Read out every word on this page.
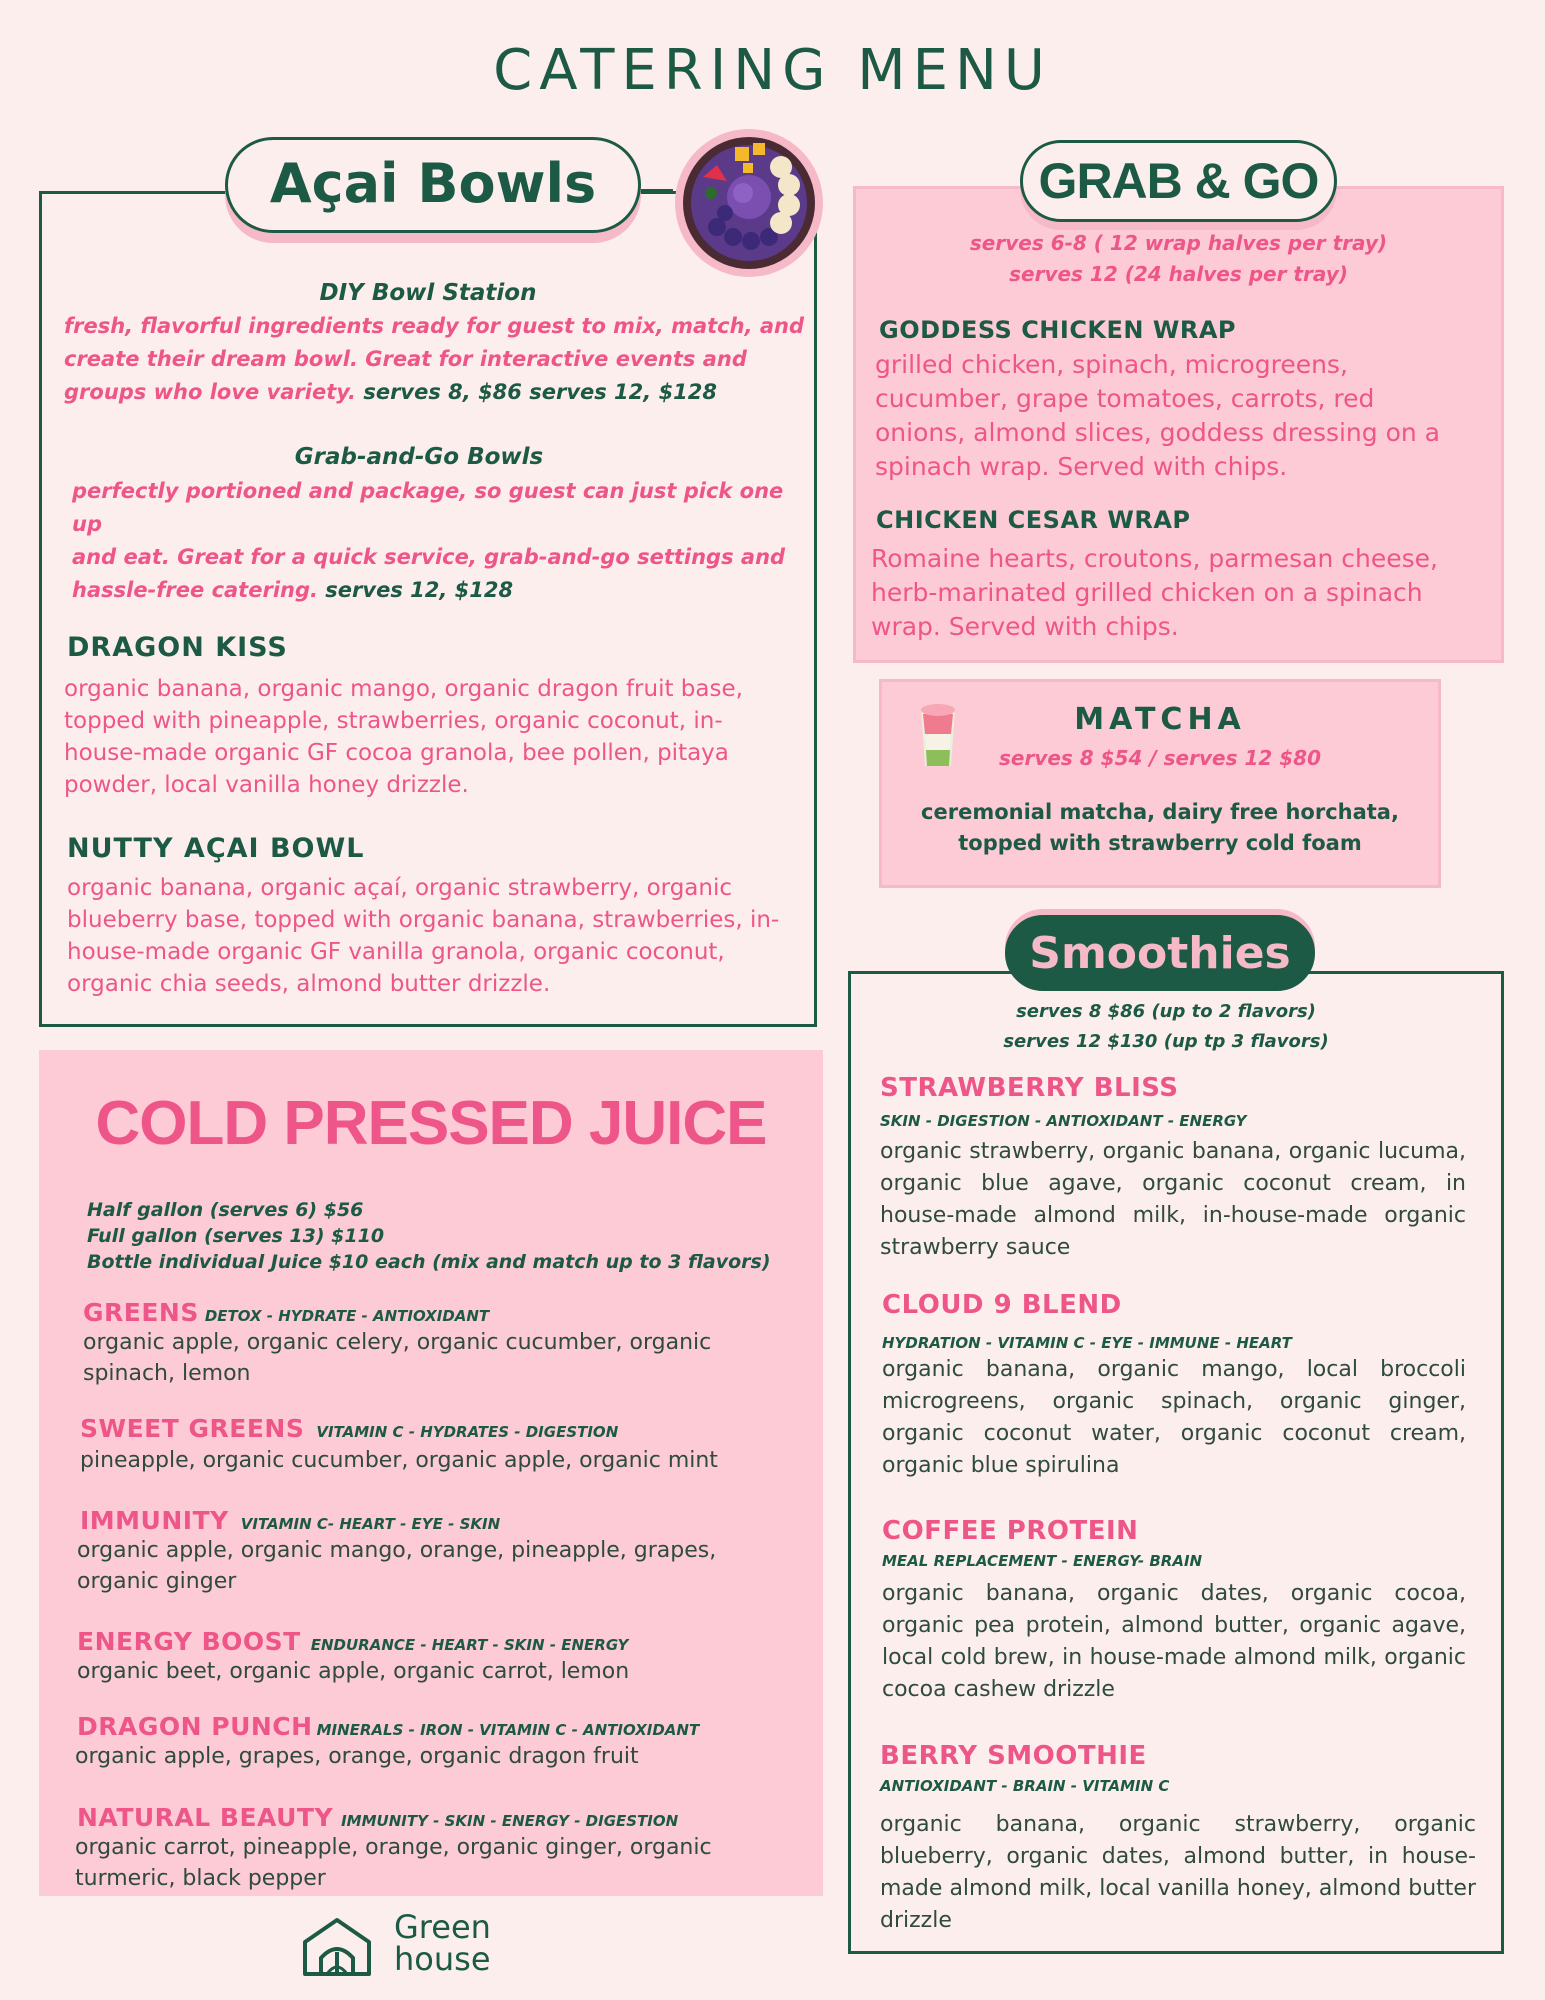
CATERING MENU
Açai Bowls
DIY Bowl Station
fresh, flavorful ingredients ready for guest to mix, match, and
create their dream bowl. Great for interactive events and
groups who love variety. serves 8, $86 serves 12, $128
Grab-and-Go Bowls
perfectly portioned and package, so guest can just pick one up
and eat. Great for a quick service, grab-and-go settings and
hassle-free catering. serves 12, $128
DRAGON KISS
organic banana, organic mango, organic dragon fruit base,
topped with pineapple, strawberries, organic coconut, in-
house-made organic GF cocoa granola, bee pollen, pitaya
powder, local vanilla honey drizzle.
NUTTY AÇAI BOWL
organic banana, organic açaí, organic strawberry, organic
blueberry base, topped with organic banana, strawberries, in-
house-made organic GF vanilla granola, organic coconut,
organic chia seeds, almond butter drizzle.
GRAB & GO
serves 6-8 ( 12 wrap halves per tray)
serves 12 (24 halves per tray)
GODDESS CHICKEN WRAP
grilled chicken, spinach, microgreens,
cucumber, grape tomatoes, carrots, red
onions, almond slices, goddess dressing on a
spinach wrap. Served with chips.
CHICKEN CESAR WRAP
Romaine hearts, croutons, parmesan cheese,
herb-marinated grilled chicken on a spinach
wrap. Served with chips.
MATCHA
serves 8 $54 / serves 12 $80
ceremonial matcha, dairy free horchata,
topped with strawberry cold foam
Smoothies
serves 8 $86 (up to 2 flavors)
serves 12 $130 (up tp 3 flavors)
STRAWBERRY BLISS
SKIN - DIGESTION - ANTIOXIDANT - ENERGY
organic strawberry, organic banana, organic lucuma, organic blue agave, organic coconut cream, in house-made almond milk, in-house-made organic strawberry sauce
CLOUD 9 BLEND
HYDRATION - VITAMIN C - EYE - IMMUNE - HEART
organic banana, organic mango, local broccoli microgreens, organic spinach, organic ginger, organic coconut water, organic coconut cream, organic blue spirulina
COFFEE PROTEIN
MEAL REPLACEMENT - ENERGY- BRAIN
organic banana, organic dates, organic cocoa, organic pea protein, almond butter, organic agave, local cold brew, in house-made almond milk, organic cocoa cashew drizzle
BERRY SMOOTHIE
ANTIOXIDANT - BRAIN - VITAMIN C
organic banana, organic strawberry, organic blueberry, organic dates, almond butter, in house-made almond milk, local vanilla honey, almond butter drizzle
COLD PRESSED JUICE
Half gallon (serves 6) $56
Full gallon (serves 13) $110
Bottle individual Juice $10 each (mix and match up to 3 flavors)
GREENS DETOX - HYDRATE - ANTIOXIDANT
organic apple, organic celery, organic cucumber, organic
spinach, lemon
SWEET GREENS VITAMIN C - HYDRATES - DIGESTION
pineapple, organic cucumber, organic apple, organic mint
IMMUNITY VITAMIN C- HEART - EYE - SKIN
organic apple, organic mango, orange, pineapple, grapes,
organic ginger
ENERGY BOOST ENDURANCE - HEART - SKIN - ENERGY
organic beet, organic apple, organic carrot, lemon
DRAGON PUNCH MINERALS - IRON - VITAMIN C - ANTIOXIDANT
organic apple, grapes, orange, organic dragon fruit
NATURAL BEAUTY IMMUNITY - SKIN - ENERGY - DIGESTION
organic carrot, pineapple, orange, organic ginger, organic
turmeric, black pepper
Green
house
